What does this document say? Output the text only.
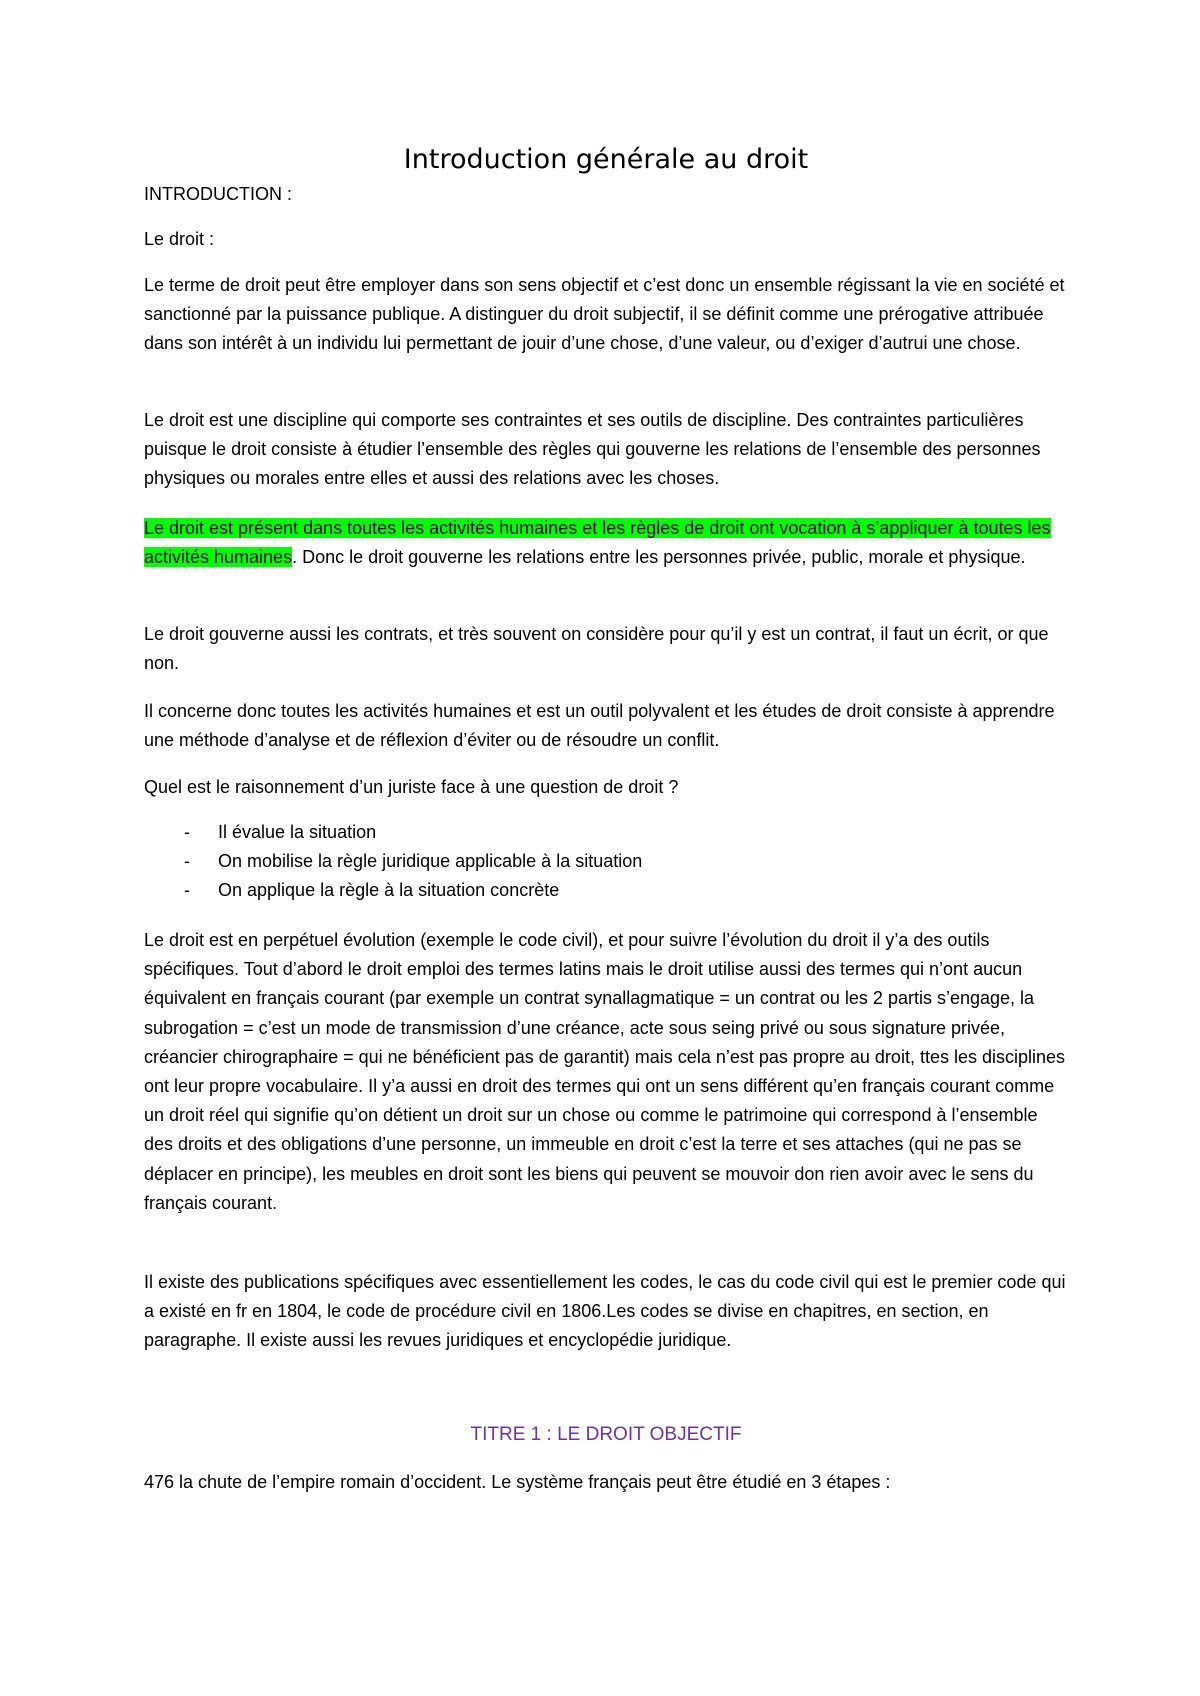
Introduction générale au droit

INTRODUCTION :

Le droit :

Le terme de droit peut être employer dans son sens objectif et c’est donc un ensemble régissant la vie en société et sanctionné par la puissance publique. A distinguer du droit subjectif, il se définit comme une prérogative attribuée dans son intérêt à un individu lui permettant de jouir d’une chose, d’une valeur, ou d’exiger d’autrui une chose.

Le droit est une discipline qui comporte ses contraintes et ses outils de discipline. Des contraintes particulières puisque le droit consiste à étudier l’ensemble des règles qui gouverne les relations de l’ensemble des personnes physiques ou morales entre elles et aussi des relations avec les choses.

Le droit est présent dans toutes les activités humaines et les règles de droit ont vocation à s’appliquer à toutes les activités humaines. Donc le droit gouverne les relations entre les personnes privée, public, morale et physique.

Le droit gouverne aussi les contrats, et très souvent on considère pour qu’il y est un contrat, il faut un écrit, or que non.

Il concerne donc toutes les activités humaines et est un outil polyvalent et les études de droit consiste à apprendre une méthode d’analyse et de réflexion d’éviter ou de résoudre un conflit.

Quel est le raisonnement d’un juriste face à une question de droit ?

- Il évalue la situation
- On mobilise la règle juridique applicable à la situation
- On applique la règle à la situation concrète

Le droit est en perpétuel évolution (exemple le code civil), et pour suivre l’évolution du droit il y’a des outils spécifiques. Tout d’abord le droit emploi des termes latins mais le droit utilise aussi des termes qui n’ont aucun équivalent en français courant (par exemple un contrat synallagmatique = un contrat ou les 2 partis s’engage, la subrogation = c’est un mode de transmission d’une créance, acte sous seing privé ou sous signature privée, créancier chirographaire = qui ne bénéficient pas de garantit) mais cela n’est pas propre au droit, ttes les disciplines ont leur propre vocabulaire. Il y’a aussi en droit des termes qui ont un sens différent qu’en français courant comme un droit réel qui signifie qu’on détient un droit sur un chose ou comme le patrimoine qui correspond à l’ensemble des droits et des obligations d’une personne, un immeuble en droit c’est la terre et ses attaches (qui ne pas se déplacer en principe), les meubles en droit sont les biens qui peuvent se mouvoir don rien avoir avec le sens du français courant.

Il existe des publications spécifiques avec essentiellement les codes, le cas du code civil qui est le premier code qui a existé en fr en 1804, le code de procédure civil en 1806.Les codes se divise en chapitres, en section, en paragraphe. Il existe aussi les revues juridiques et encyclopédie juridique.

TITRE 1 : LE DROIT OBJECTIF

476 la chute de l’empire romain d’occident. Le système français peut être étudié en 3 étapes :
